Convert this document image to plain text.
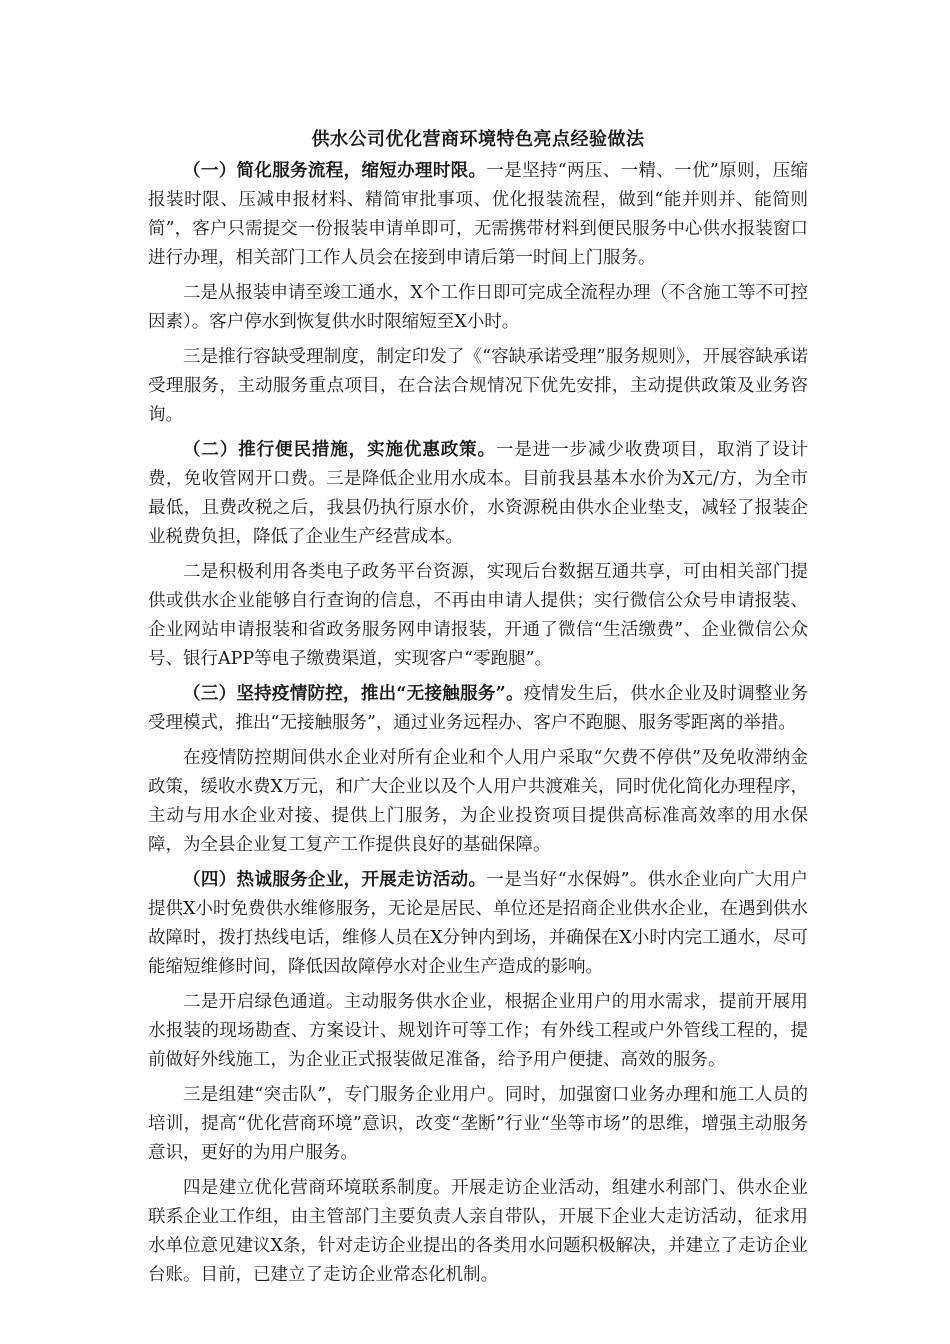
供水公司优化营商环境特色亮点经验做法

（一）简化服务流程，缩短办理时限。一是坚持“两压、一精、一优”原则，压缩报装时限、压减申报材料、精简审批事项、优化报装流程，做到“能并则并、能简则简”，客户只需提交一份报装申请单即可，无需携带材料到便民服务中心供水报装窗口进行办理，相关部门工作人员会在接到申请后第一时间上门服务。

二是从报装申请至竣工通水，X个工作日即可完成全流程办理（不含施工等不可控因素）。客户停水到恢复供水时限缩短至X小时。

三是推行容缺受理制度，制定印发了《“容缺承诺受理”服务规则》，开展容缺承诺受理服务，主动服务重点项目，在合法合规情况下优先安排，主动提供政策及业务咨询。

（二）推行便民措施，实施优惠政策。一是进一步减少收费项目，取消了设计费，免收管网开口费。三是降低企业用水成本。目前我县基本水价为X元/方，为全市最低，且费改税之后，我县仍执行原水价，水资源税由供水企业垫支，减轻了报装企业税费负担，降低了企业生产经营成本。

二是积极利用各类电子政务平台资源，实现后台数据互通共享，可由相关部门提供或供水企业能够自行查询的信息，不再由申请人提供；实行微信公众号申请报装、企业网站申请报装和省政务服务网申请报装，开通了微信“生活缴费”、企业微信公众号、银行APP等电子缴费渠道，实现客户“零跑腿”。

（三）坚持疫情防控，推出“无接触服务”。疫情发生后，供水企业及时调整业务受理模式，推出“无接触服务”，通过业务远程办、客户不跑腿、服务零距离的举措。

在疫情防控期间供水企业对所有企业和个人用户采取“欠费不停供”及免收滞纳金政策，缓收水费X万元，和广大企业以及个人用户共渡难关，同时优化简化办理程序，主动与用水企业对接、提供上门服务，为企业投资项目提供高标准高效率的用水保障，为全县企业复工复产工作提供良好的基础保障。

（四）热诚服务企业，开展走访活动。一是当好“水保姆”。供水企业向广大用户提供X小时免费供水维修服务，无论是居民、单位还是招商企业供水企业，在遇到供水故障时，拨打热线电话，维修人员在X分钟内到场，并确保在X小时内完工通水，尽可能缩短维修时间，降低因故障停水对企业生产造成的影响。

二是开启绿色通道。主动服务供水企业，根据企业用户的用水需求，提前开展用水报装的现场勘查、方案设计、规划许可等工作；有外线工程或户外管线工程的，提前做好外线施工，为企业正式报装做足准备，给予用户便捷、高效的服务。

三是组建“突击队”，专门服务企业用户。同时，加强窗口业务办理和施工人员的培训，提高“优化营商环境”意识，改变“垄断”行业“坐等市场”的思维，增强主动服务意识，更好的为用户服务。

四是建立优化营商环境联系制度。开展走访企业活动，组建水利部门、供水企业联系企业工作组，由主管部门主要负责人亲自带队，开展下企业大走访活动，征求用水单位意见建议X条，针对走访企业提出的各类用水问题积极解决，并建立了走访企业台账。目前，已建立了走访企业常态化机制。
